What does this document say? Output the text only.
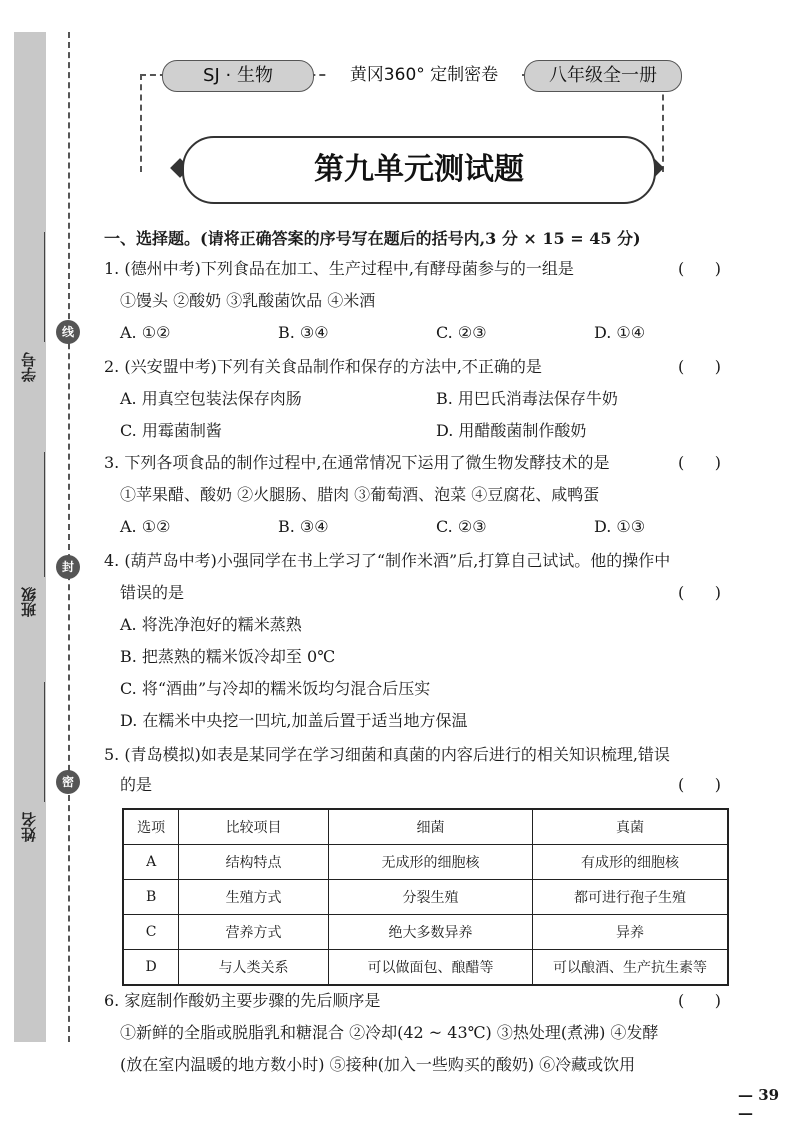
学号
班级
姓名
线
封
密
SJ · 生物	黄冈360° 定制密卷	八年级全一册
第九单元测试题
一、选择题。(请将正确答案的序号写在题后的括号内,3 分 × 15 = 45 分)
1. (德州中考)下列食品在加工、生产过程中,有酵母菌参与的一组是	(      )
①馒头 ②酸奶 ③乳酸菌饮品 ④米酒
A. ①②	B. ③④	C. ②③	D. ①④
2. (兴安盟中考)下列有关食品制作和保存的方法中,不正确的是	(      )
A. 用真空包装法保存肉肠	B. 用巴氏消毒法保存牛奶
C. 用霉菌制酱	D. 用醋酸菌制作酸奶
3. 下列各项食品的制作过程中,在通常情况下运用了微生物发酵技术的是	(      )
①苹果醋、酸奶 ②火腿肠、腊肉 ③葡萄酒、泡菜 ④豆腐花、咸鸭蛋
A. ①②	B. ③④	C. ②③	D. ①③
4. (葫芦岛中考)小强同学在书上学习了“制作米酒”后,打算自己试试。他的操作中
错误的是	(      )
A. 将洗净泡好的糯米蒸熟
B. 把蒸熟的糯米饭冷却至 0℃
C. 将“酒曲”与冷却的糯米饭均匀混合后压实
D. 在糯米中央挖一凹坑,加盖后置于适当地方保温
5. (青岛模拟)如表是某同学在学习细菌和真菌的内容后进行的相关知识梳理,错误
的是	(      )
选项	比较项目	细菌	真菌
A	结构特点	无成形的细胞核	有成形的细胞核
B	生殖方式	分裂生殖	都可进行孢子生殖
C	营养方式	绝大多数异养	异养
D	与人类关系	可以做面包、酿醋等	可以酿酒、生产抗生素等
6. 家庭制作酸奶主要步骤的先后顺序是	(      )
①新鲜的全脂或脱脂乳和糖混合 ②冷却(42 ~ 43℃) ③热处理(煮沸) ④发酵
(放在室内温暖的地方数小时) ⑤接种(加入一些购买的酸奶) ⑥冷藏或饮用
— 39 —
